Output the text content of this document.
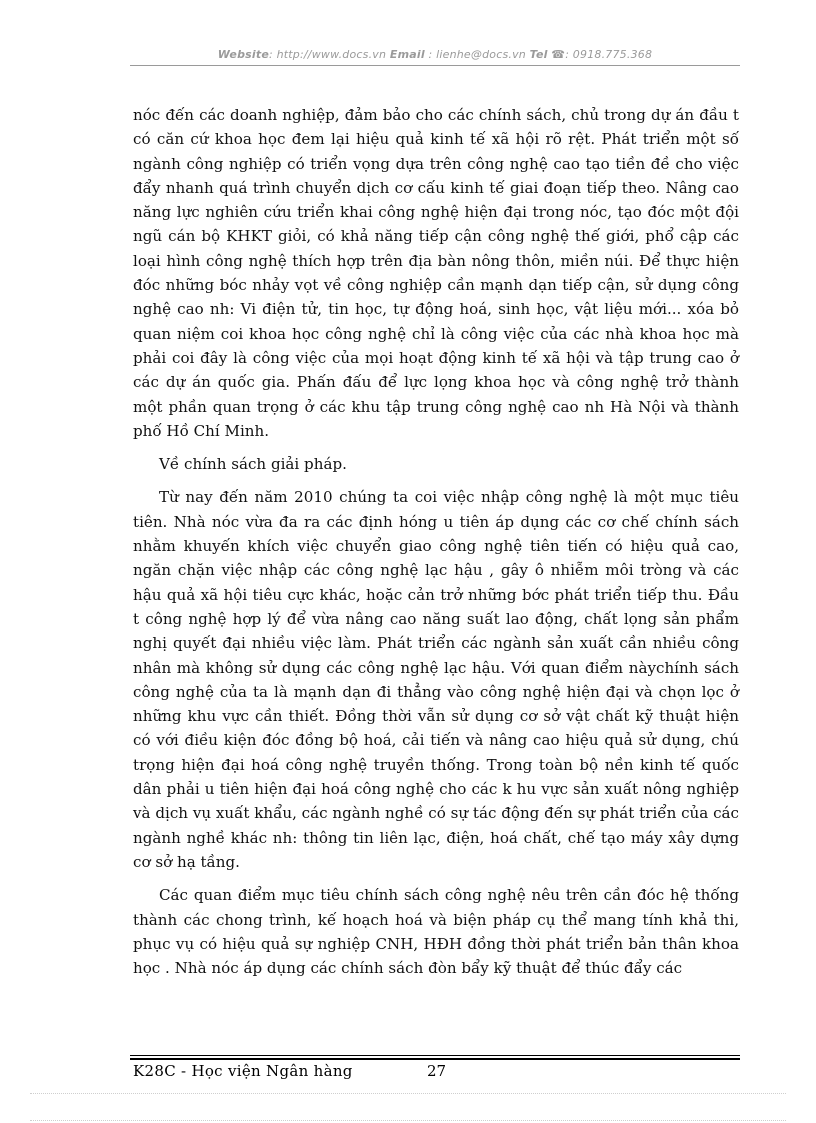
Website: http://www.docs.vn Email : lienhe@docs.vn Tel ☎: 0918.775.368

nóc đến các doanh nghiệp, đảm bảo cho các chính sách, chủ trong dự án đầu t có căn cứ khoa học đem lại hiệu quả kinh tế xã hội rõ rệt. Phát triển một số ngành công nghiệp có triển vọng dựa trên công nghệ cao tạo tiền đề cho việc đẩy nhanh quá trình chuyển dịch cơ cấu kinh tế giai đoạn tiếp theo. Nâng cao năng lực nghiên cứu triển khai công nghệ hiện đại trong nóc, tạo đóc một đội ngũ cán bộ KHKT giỏi, có khả năng tiếp cận công nghệ thế giới, phổ cập các loại hình công nghệ thích hợp trên địa bàn nông thôn, miền núi. Để thực hiện đóc những bóc nhảy vọt về công nghiệp cần mạnh dạn tiếp cận, sử dụng công nghệ cao nh: Vi điện tử, tin học, tự động hoá, sinh học, vật liệu mới... xóa bỏ quan niệm coi khoa học công nghệ chỉ là công việc của các nhà khoa học mà phải coi đây là công việc của mọi hoạt động kinh tế xã hội và tập trung cao ở các dự án quốc gia. Phấn đấu để lực lọng khoa học và công nghệ trở thành một phần quan trọng ở các khu tập trung công nghệ cao nh Hà Nội và thành phố Hồ Chí Minh.

Về chính sách giải pháp.

Từ nay đến năm 2010 chúng ta coi việc nhập công nghệ là một mục tiêu tiên. Nhà nóc vừa đa ra các định hóng u tiên áp dụng các cơ chế chính sách nhằm khuyến khích việc chuyển giao công nghệ tiên tiến có hiệu quả cao, ngăn chặn việc nhập các công nghệ lạc hậu , gây ô nhiễm môi tròng và các hậu quả xã hội tiêu cực khác, hoặc cản trở những bớc phát triển tiếp thu. Đầu t công nghệ hợp lý để vừa nâng cao năng suất lao động, chất lọng sản phẩm nghị quyết đại nhiều việc làm. Phát triển các ngành sản xuất cần nhiều công nhân mà không sử dụng các công nghệ lạc hậu. Với quan điểm nàychính sách công nghệ của ta là mạnh dạn đi thẳng vào công nghệ hiện đại và chọn lọc ở những khu vực cần thiết. Đồng thời vẫn sử dụng cơ sở vật chất kỹ thuật hiện có với điều kiện đóc đồng bộ hoá, cải tiến và nâng cao hiệu quả sử dụng, chú trọng hiện đại hoá công nghệ truyền thống. Trong toàn bộ nền kinh tế quốc dân phải u tiên hiện đại hoá công nghệ cho các k hu vực sản xuất nông nghiệp và dịch vụ xuất khẩu, các ngành nghề có sự tác động đến sự phát triển của các ngành nghề khác nh: thông tin liên lạc, điện, hoá chất, chế tạo máy xây dựng cơ sở hạ tầng.

Các quan điểm mục tiêu chính sách công nghệ nêu trên cần đóc hệ thống thành các chong trình, kế hoạch hoá và biện pháp cụ thể mang tính khả thi, phục vụ có hiệu quả sự nghiệp CNH, HĐH đồng thời phát triển bản thân khoa học . Nhà nóc áp dụng các chính sách đòn bẩy kỹ thuật để thúc đẩy các

K28C - Học viện Ngân hàng	27
